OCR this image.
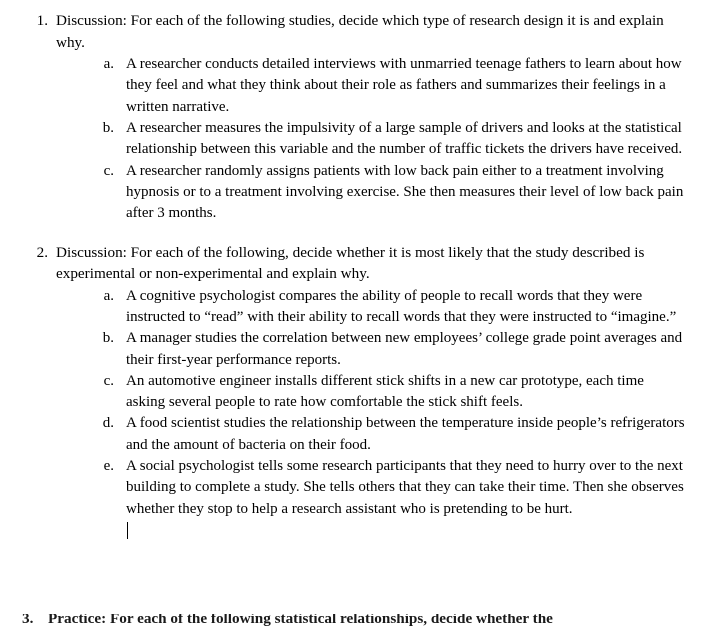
1. Discussion: For each of the following studies, decide which type of research design it is and explain why.
a. A researcher conducts detailed interviews with unmarried teenage fathers to learn about how they feel and what they think about their role as fathers and summarizes their feelings in a written narrative.
b. A researcher measures the impulsivity of a large sample of drivers and looks at the statistical relationship between this variable and the number of traffic tickets the drivers have received.
c. A researcher randomly assigns patients with low back pain either to a treatment involving hypnosis or to a treatment involving exercise. She then measures their level of low back pain after 3 months.
2. Discussion: For each of the following, decide whether it is most likely that the study described is experimental or non-experimental and explain why.
a. A cognitive psychologist compares the ability of people to recall words that they were instructed to “read” with their ability to recall words that they were instructed to “imagine.”
b. A manager studies the correlation between new employees’ college grade point averages and their first-year performance reports.
c. An automotive engineer installs different stick shifts in a new car prototype, each time asking several people to rate how comfortable the stick shift feels.
d. A food scientist studies the relationship between the temperature inside people’s refrigerators and the amount of bacteria on their food.
e. A social psychologist tells some research participants that they need to hurry over to the next building to complete a study. She tells others that they can take their time. Then she observes whether they stop to help a research assistant who is pretending to be hurt.
3. Practice: For each of the following statistical relationships, decide whether the
